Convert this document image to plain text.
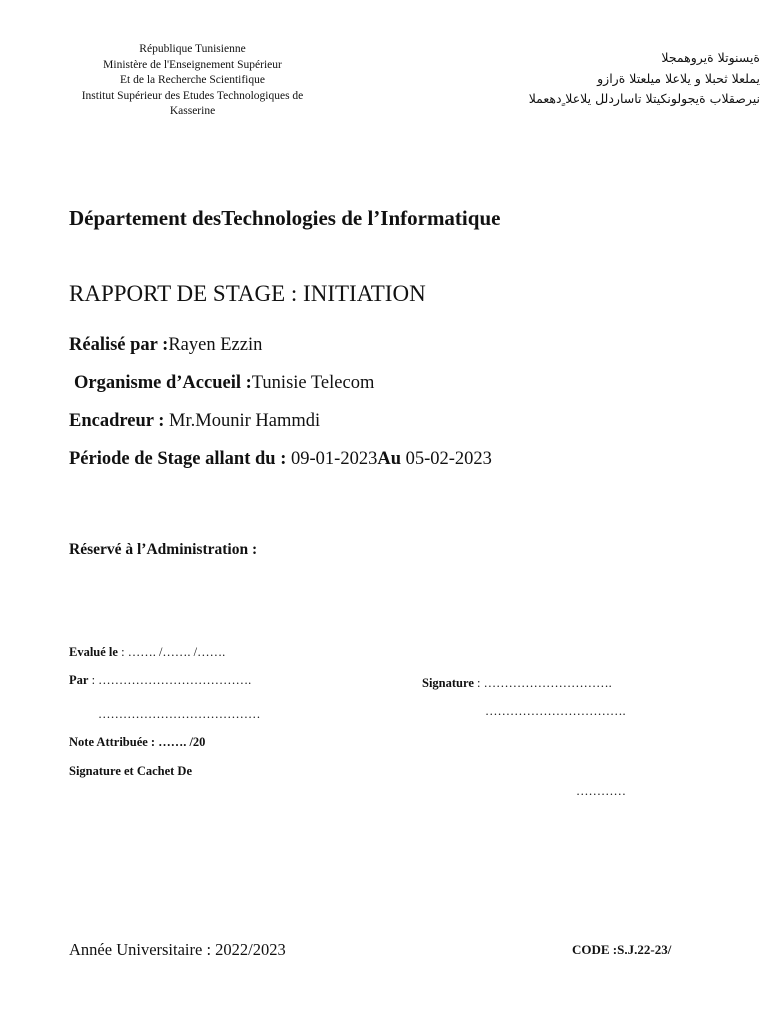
République Tunisienne
Ministère de l'Enseignement Supérieur
Et de la Recherche Scientifique
Institut Supérieur des Etudes Technologiques de
Kasserine
ةيسنوتلا ةيروهمجلا
يملعلا ثحبلا و يلاعلا ميلعتلا ةرازو
نيرصقلاب ةيجولونكيتلا تاساردلل يلاعلا ٍدهعملا
Département desTechnologies de l’Informatique
RAPPORT DE STAGE : INITIATION
Réalisé par :Rayen Ezzin
Organisme d’Accueil :Tunisie Telecom
Encadreur : Mr.Mounir Hammdi
Période de Stage allant du : 09-01-2023Au 05-02-2023
Réservé à l’Administration :
Evalué le : ……. /……. /…….
Par : ……………………………….
…………………………………
Signature : ………………………….
…………………………….
Note Attribuée : ……. /20
Signature et Cachet De
…………
Année Universitaire : 2022/2023	CODE :S.J.22-23/
